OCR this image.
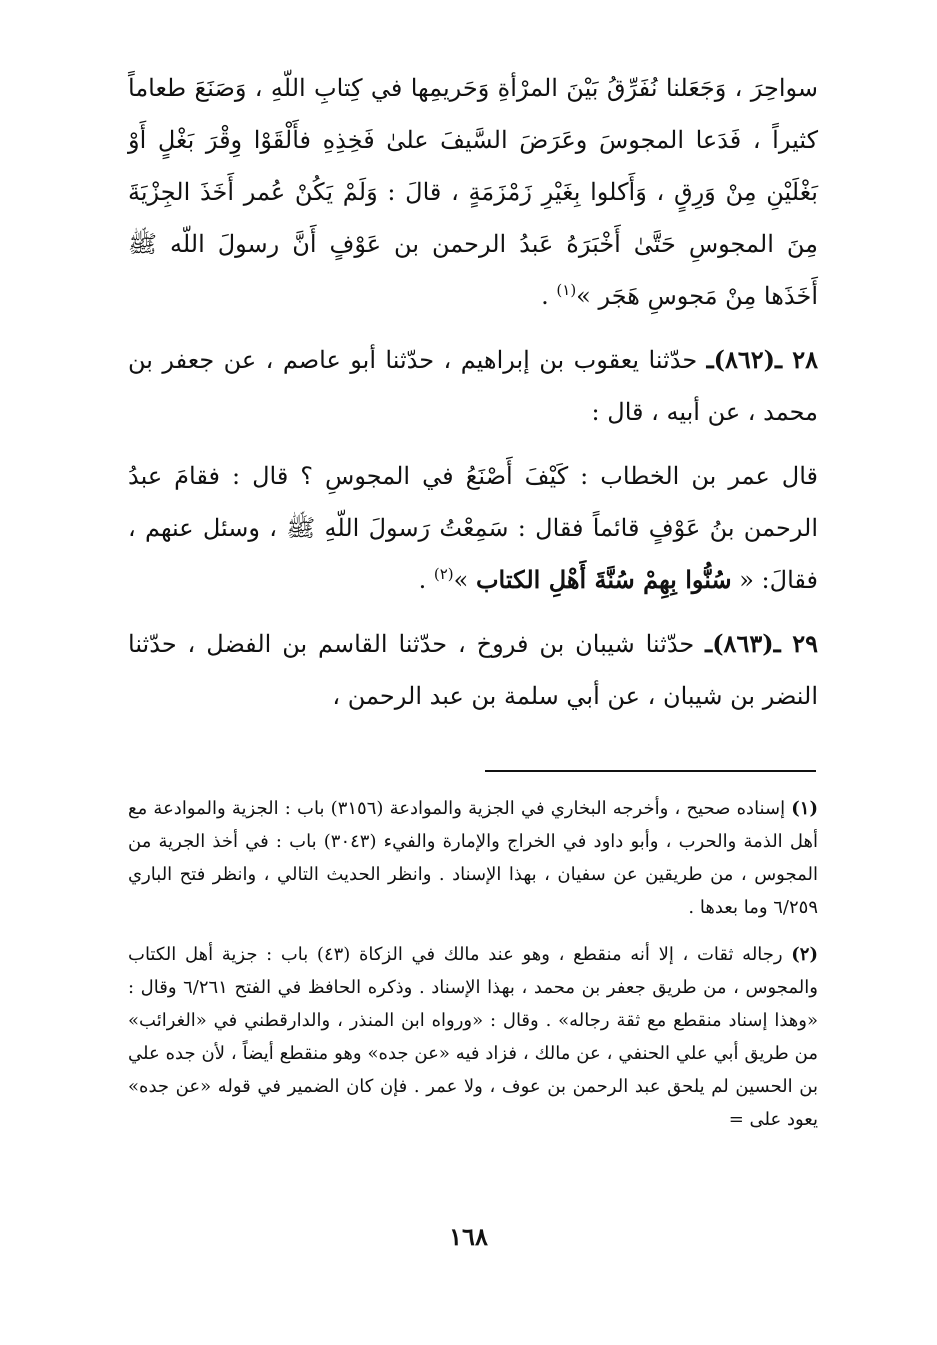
سواحِرَ ، وَجَعَلنا نُفَرِّقُ بَيْنَ المرْأةِ وَحَريمِها في كِتابِ اللّهِ ، وَصَنَعَ طعاماً كثيراً ، فَدَعا المجوسَ وعَرَضَ السَّيفَ علىٰ فَخِذِهِ فأَلْقَوْا وِقْرَ بَغْلٍ أَوْ بَغْلَيْنِ مِنْ وَرِقٍ ، وَأَكلوا بِغَيْرِ زَمْزَمَةٍ ، قالَ : وَلَمْ يَكُنْ عُمر أَخَذَ الجِزْيَةَ مِنَ المجوسِ حَتَّىٰ أَخْبَرَهُ عَبدُ الرحمن بن عَوْفٍ أَنَّ رسولَ اللّه ﷺ أَخَذَها مِنْ مَجوسِ هَجَر »$^{(١)}$ .

٢٨ ـ(٨٦٢)ـ حدّثنا يعقوب بن إبراهيم ، حدّثنا أبو عاصم ، عن جعفر بن محمد ، عن أبيه ، قال :

قال عمر بن الخطاب : كَيْفَ أَصْنَعُ في المجوسِ ؟ قال : فقامَ عبدُ الرحمن بنُ عَوْفٍ قائماً فقال : سَمِعْتُ رَسولَ اللّهِ ﷺ ، وسئل عنهم ، فقالَ: « سُنُّوا بِهِمْ سُنَّةَ أَهْلِ الكتاب »$^{(٢)}$ .

٢٩ ـ(٨٦٣)ـ حدّثنا شيبان بن فروخ ، حدّثنا القاسم بن الفضل ، حدّثنا النضر بن شيبان ، عن أبي سلمة بن عبد الرحمن ،

(١) إسناده صحيح ، وأخرجه البخاري في الجزية والموادعة (٣١٥٦) باب : الجزية والموادعة مع أهل الذمة والحرب ، وأبو داود في الخراج والإمارة والفيء (٣٠٤٣) باب : في أخذ الجرية من المجوس ، من طريقين عن سفيان ، بهذا الإسناد . وانظر الحديث التالي ، وانظر فتح الباري ٦/٢٥٩ وما بعدها .

(٢) رجاله ثقات ، إلا أنه منقطع ، وهو عند مالك في الزكاة (٤٣) باب : جزية أهل الكتاب والمجوس ، من طريق جعفر بن محمد ، بهذا الإسناد . وذكره الحافظ في الفتح ٦/٢٦١ وقال : «وهذا إسناد منقطع مع ثقة رجاله» . وقال : «ورواه ابن المنذر ، والدارقطني في «الغرائب» من طريق أبي علي الحنفي ، عن مالك ، فزاد فيه «عن جده» وهو منقطع أيضاً ، لأن جده علي بن الحسين لم يلحق عبد الرحمن بن عوف ، ولا عمر . فإن كان الضمير في قوله «عن جده» يعود على =

١٦٨
